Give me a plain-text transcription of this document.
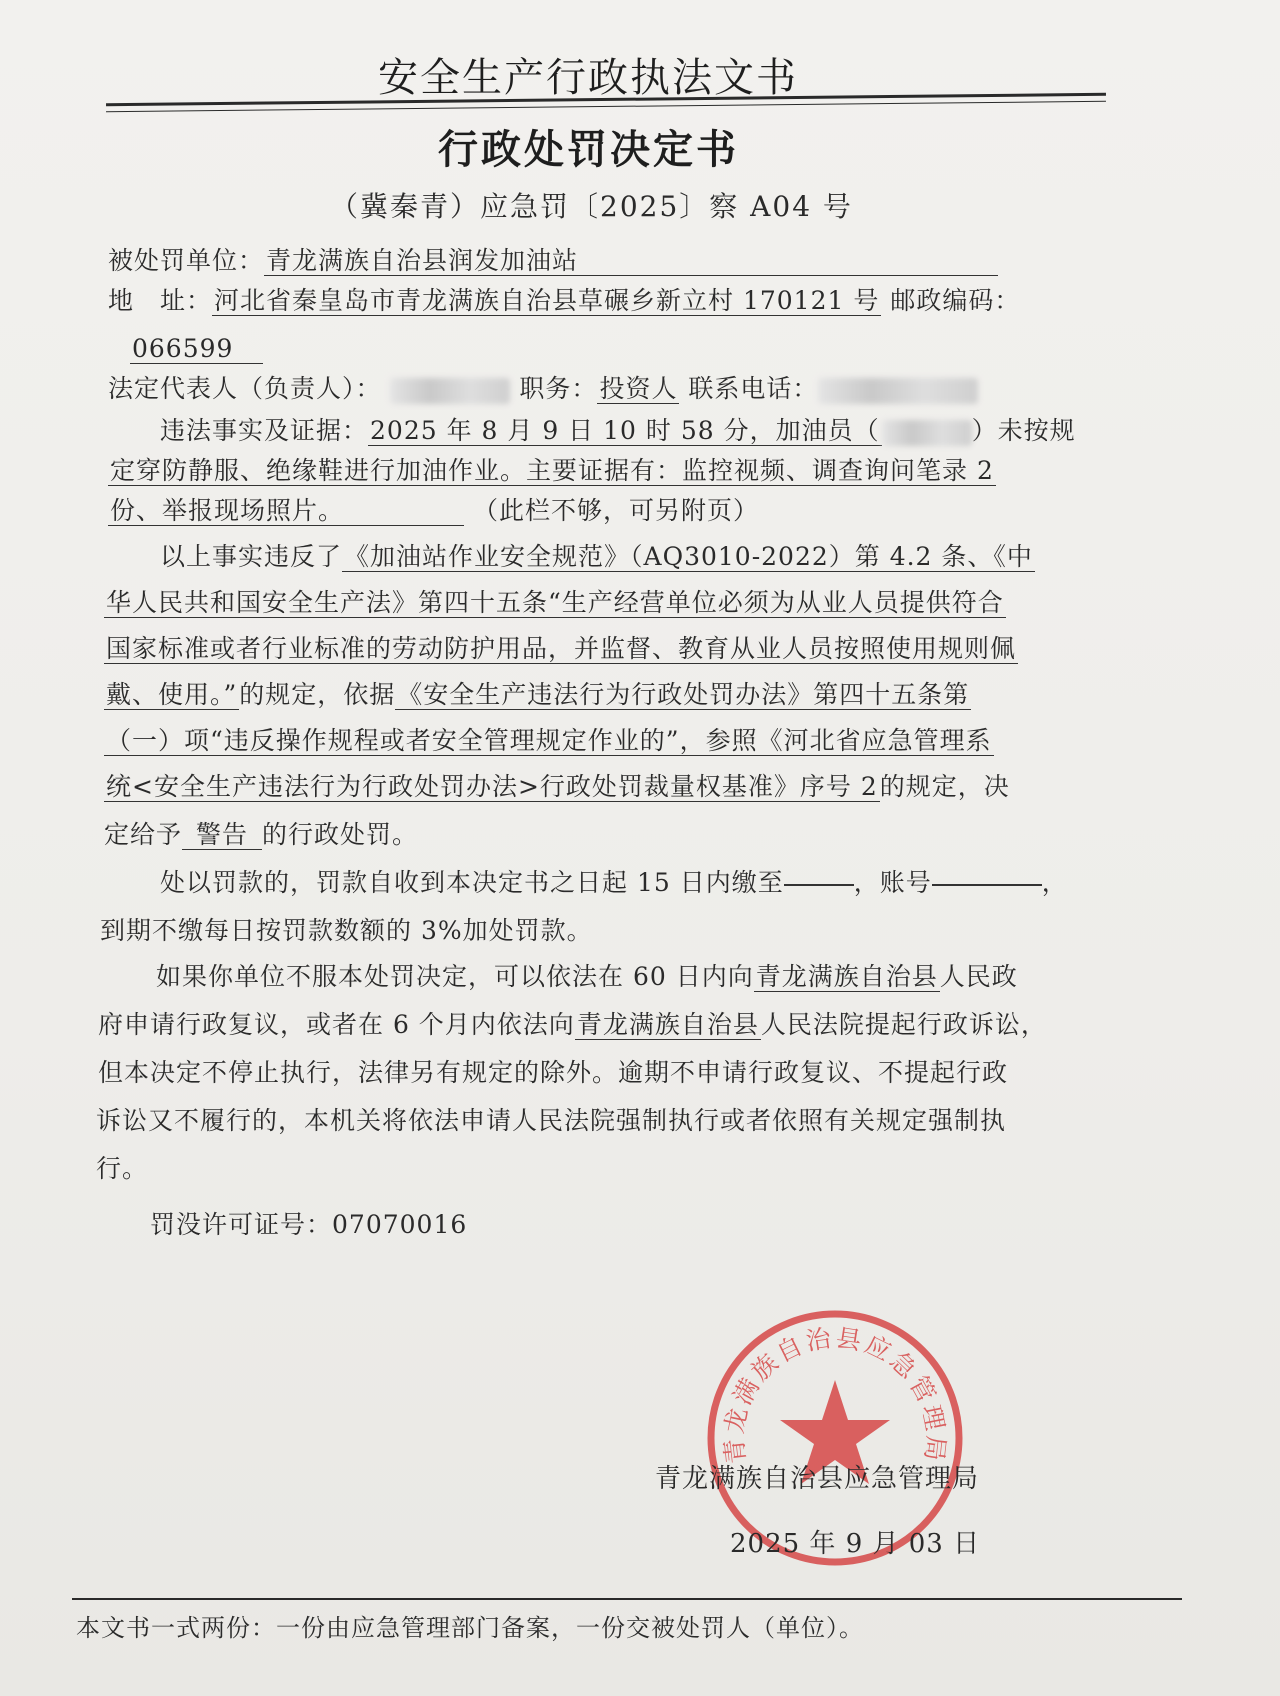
安全生产行政执法文书
行政处罚决定书
（冀秦青）应急罚〔2025〕察 A04 号
被处罚单位：青龙满族自治县润发加油站
地　址：河北省秦皇岛市青龙满族自治县草碾乡新立村 170121 号 邮政编码：
066599
法定代表人（负责人）：	职务：投资人 联系电话：
违法事实及证据：2025 年 8 月 9 日 10 时 58 分，加油员（	）未按规
定穿防静服、绝缘鞋进行加油作业。主要证据有：监控视频、调查询问笔录 2
份、举报现场照片。	（此栏不够，可另附页）
以上事实违反了《加油站作业安全规范》（AQ3010-2022）第 4.2 条、《中
华人民共和国安全生产法》第四十五条“生产经营单位必须为从业人员提供符合
国家标准或者行业标准的劳动防护用品，并监督、教育从业人员按照使用规则佩
戴、使用。”的规定，依据《安全生产违法行为行政处罚办法》第四十五条第
（一）项“违反操作规程或者安全管理规定作业的”，参照《河北省应急管理系
统<安全生产违法行为行政处罚办法>行政处罚裁量权基准》序号 2的规定，决
定给予 警告 的行政处罚。
处以罚款的，罚款自收到本决定书之日起 15 日内缴至	，账号	，
到期不缴每日按罚款数额的 3%加处罚款。
如果你单位不服本处罚决定，可以依法在 60 日内向青龙满族自治县人民政
府申请行政复议，或者在 6 个月内依法向青龙满族自治县人民法院提起行政诉讼，
但本决定不停止执行，法律另有规定的除外。逾期不申请行政复议、不提起行政
诉讼又不履行的，本机关将依法申请人民法院强制执行或者依照有关规定强制执
行。
罚没许可证号：07070016
青龙满族自治县应急管理局
青龙满族自治县应急管理局
2025 年 9 月 03 日
本文书一式两份：一份由应急管理部门备案，一份交被处罚人（单位）。
